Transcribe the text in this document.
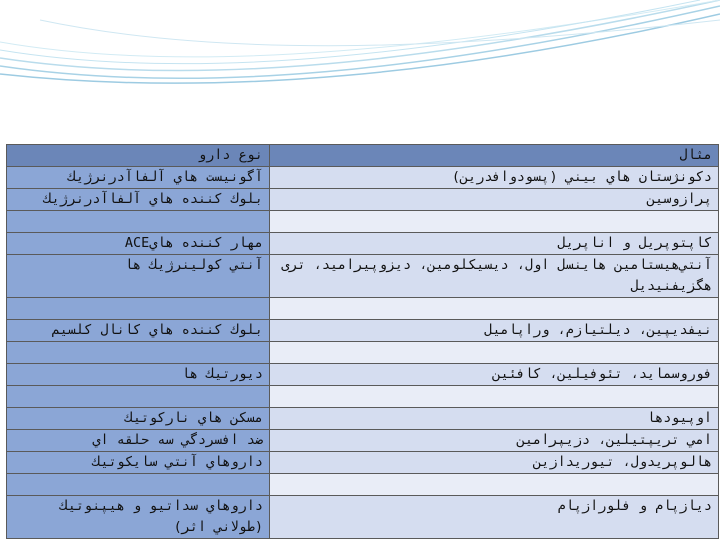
نوع دارو	مثال
آگونيست هاي آلفاآدرنرژيك	دكونژستان هاي بيني (پسودوافدرين)
بلوك كننده هاي آلفاآدرنرژيك	پرازوسين

مهار كننده هايACE	كاپتوپريل و اناپريل
آنتي كولينرژيك ها	آنتي‌هيستامين هاينسل اول، ديسيكلومين، ديزوپيراميد، ترى هگزيفنيديل

بلوك كننده هاي كانال كلسيم	نيفديپين، ديلتيازم، وراپاميل

ديورتيك ها	فوروسمايد، تئوفيلين، كافئين

مسكن هاي ناركوتيك	اوپيودها
ضد افسردگي سه حلقه اي	امي تريپتيلين، دزيپرامين
داروهاي آنتي سايكوتيك	هالوپريدول، تيوريدازين

داروهاي سداتيو و هيپنوتيك (طولاني اثر)	ديازپام و فلورازپام
